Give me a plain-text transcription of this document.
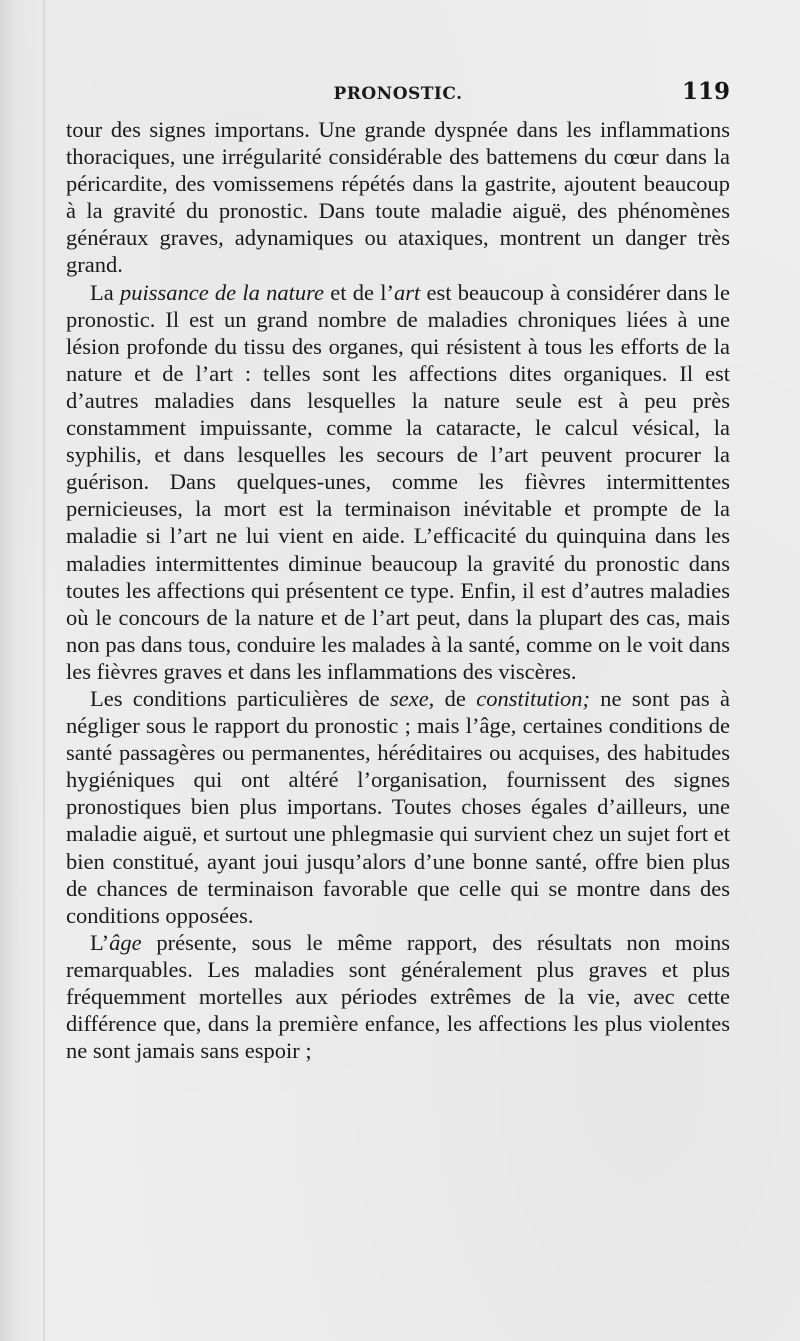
PRONOSTIC.	119

tour des signes importans. Une grande dyspnée dans les inflammations thoraciques, une irrégularité considérable des battemens du cœur dans la péricardite, des vomissemens répétés dans la gastrite, ajoutent beaucoup à la gravité du pronostic. Dans toute maladie aiguë, des phénomènes généraux graves, adynamiques ou ataxiques, montrent un danger très grand.

La puissance de la nature et de l’art est beaucoup à considérer dans le pronostic. Il est un grand nombre de maladies chroniques liées à une lésion profonde du tissu des organes, qui résistent à tous les efforts de la nature et de l’art : telles sont les affections dites organiques. Il est d’autres maladies dans lesquelles la nature seule est à peu près constamment impuissante, comme la cataracte, le calcul vésical, la syphilis, et dans lesquelles les secours de l’art peuvent procurer la guérison. Dans quelques-unes, comme les fièvres intermittentes pernicieuses, la mort est la terminaison inévitable et prompte de la maladie si l’art ne lui vient en aide. L’efficacité du quinquina dans les maladies intermittentes diminue beaucoup la gravité du pronostic dans toutes les affections qui présentent ce type. Enfin, il est d’autres maladies où le concours de la nature et de l’art peut, dans la plupart des cas, mais non pas dans tous, conduire les malades à la santé, comme on le voit dans les fièvres graves et dans les inflammations des viscères.

Les conditions particulières de sexe, de constitution; ne sont pas à négliger sous le rapport du pronostic ; mais l’âge, certaines conditions de santé passagères ou permanentes, héréditaires ou acquises, des habitudes hygiéniques qui ont altéré l’organisation, fournissent des signes pronostiques bien plus importans. Toutes choses égales d’ailleurs, une maladie aiguë, et surtout une phlegmasie qui survient chez un sujet fort et bien constitué, ayant joui jusqu’alors d’une bonne santé, offre bien plus de chances de terminaison favorable que celle qui se montre dans des conditions opposées.

L’âge présente, sous le même rapport, des résultats non moins remarquables. Les maladies sont généralement plus graves et plus fréquemment mortelles aux périodes extrêmes de la vie, avec cette différence que, dans la première enfance, les affections les plus violentes ne sont jamais sans espoir ;
